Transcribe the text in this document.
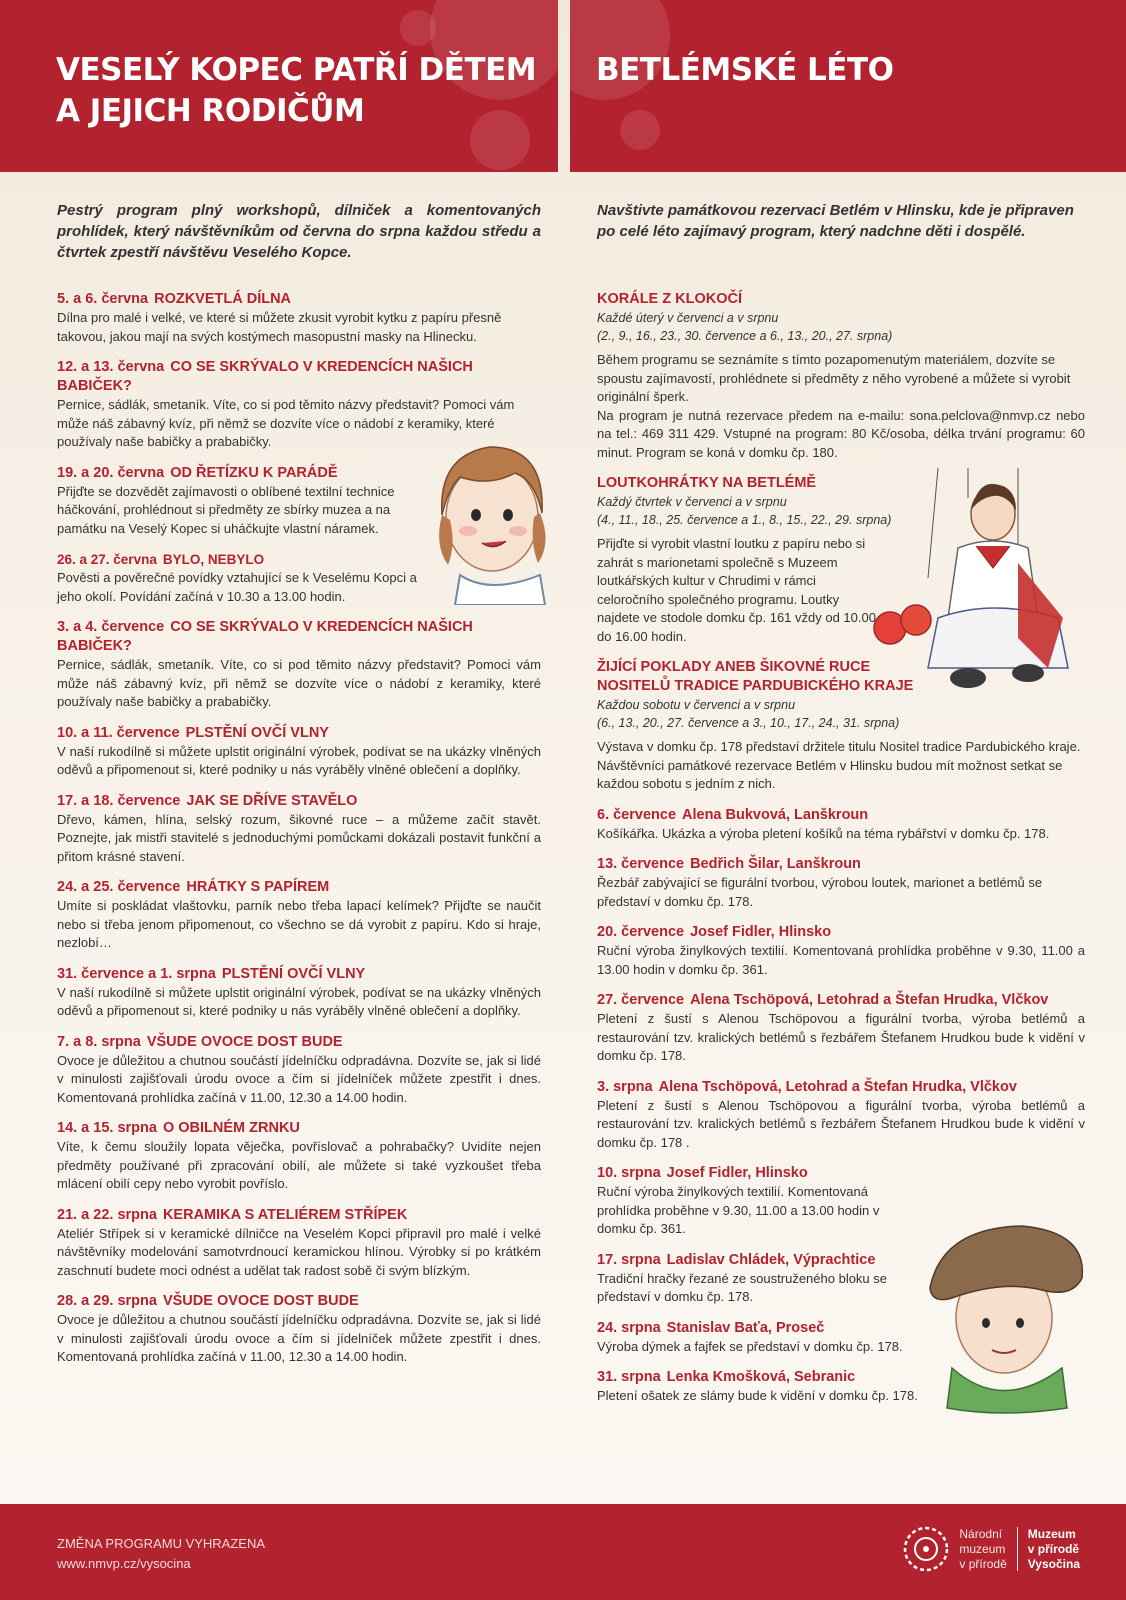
VESELÝ KOPEC PATŘÍ DĚTEM
A JEJICH RODIČŮM
BETLÉMSKÉ LÉTO
Pestrý program plný workshopů, dílniček a komentovaných prohlídek, který návštěvníkům od června do srpna každou středu a čtvrtek zpestří návštěvu Veselého Kopce.
Navštivte památkovou rezervaci Betlém v Hlinsku, kde je připraven po celé léto zajímavý program, který nadchne děti i dospělé.
5. a 6. června ROZKVETLÁ DÍLNA
Dílna pro malé i velké, ve které si můžete zkusit vyrobit kytku z papíru přesně takovou, jakou mají na svých kostýmech masopustní masky na Hlinecku.
12. a 13. června CO SE SKRÝVALO V KREDENCÍCH NAŠICH BABIČEK?
Pernice, sádlák, smetaník. Víte, co si pod těmito názvy představit? Pomoci vám může náš zábavný kvíz, při němž se dozvíte více o nádobí z keramiky, které používaly naše babičky a prababičky.
19. a 20. června OD ŘETÍZKU K PARÁDĚ
Přijďte se dozvědět zajímavosti o oblíbené textilní technice háčkování, prohlédnout si předměty ze sbírky muzea a na památku na Veselý Kopec si uháčkujte vlastní náramek.
26. a 27. června BYLO, NEBYLO
Pověsti a pověrečné povídky vztahující se k Veselému Kopci a jeho okolí. Povídání začíná v 10.30 a 13.00 hodin.
3. a 4. července CO SE SKRÝVALO V KREDENCÍCH NAŠICH BABIČEK?
Pernice, sádlák, smetaník. Víte, co si pod těmito názvy představit? Pomoci vám může náš zábavný kvíz, při němž se dozvíte více o nádobí z keramiky, které používaly naše babičky a prababičky.
10. a 11. července PLSTĚNÍ OVČÍ VLNY
V naší rukodílně si můžete uplstit originální výrobek, podívat se na ukázky vlněných oděvů a připomenout si, které podniky u nás vyráběly vlněné oblečení a doplňky.
17. a 18. července JAK SE DŘÍVE STAVĚLO
Dřevo, kámen, hlína, selský rozum, šikovné ruce – a můžeme začít stavět. Poznejte, jak mistři stavitelé s jednoduchými pomůckami dokázali postavit funkční a přitom krásné stavení.
24. a 25. července HRÁTKY S PAPÍREM
Umíte si poskládat vlaštovku, parník nebo třeba lapací kelímek? Přijďte se naučit nebo si třeba jenom připomenout, co všechno se dá vyrobit z papíru. Kdo si hraje, nezlobí…
31. července a 1. srpna PLSTĚNÍ OVČÍ VLNY
V naší rukodílně si můžete uplstit originální výrobek, podívat se na ukázky vlněných oděvů a připomenout si, které podniky u nás vyráběly vlněné oblečení a doplňky.
7. a 8. srpna VŠUDE OVOCE DOST BUDE
Ovoce je důležitou a chutnou součástí jídelníčku odpradávna. Dozvíte se, jak si lidé v minulosti zajišťovali úrodu ovoce a čím si jídelníček můžete zpestřit i dnes. Komentovaná prohlídka začíná v 11.00, 12.30 a 14.00 hodin.
14. a 15. srpna O OBILNÉM ZRNKU
Víte, k čemu sloužily lopata věječka, povříslovač a pohrabačky? Uvidíte nejen předměty používané při zpracování obilí, ale můžete si také vyzkoušet třeba mlácení obilí cepy nebo vyrobit povříslo.
21. a 22. srpna KERAMIKA S ATELIÉREM STŘÍPEK
Ateliér Střípek si v keramické dílničce na Veselém Kopci připravil pro malé i velké návštěvníky modelování samotvrdnoucí keramickou hlínou. Výrobky si po krátkém zaschnutí budete moci odnést a udělat tak radost sobě či svým blízkým.
28. a 29. srpna VŠUDE OVOCE DOST BUDE
Ovoce je důležitou a chutnou součástí jídelníčku odpradávna. Dozvíte se, jak si lidé v minulosti zajišťovali úrodu ovoce a čím si jídelníček můžete zpestřit i dnes. Komentovaná prohlídka začíná v 11.00, 12.30 a 14.00 hodin.
KORÁLE Z KLOKOČÍ
Každé úterý v červenci a v srpnu
(2., 9., 16., 23., 30. července a 6., 13., 20., 27. srpna)
Během programu se seznámíte s tímto pozapomenutým materiálem, dozvíte se spoustu zajímavostí, prohlédnete si předměty z něho vyrobené a můžete si vyrobit originální šperk.
Na program je nutná rezervace předem na e-mailu: sona.pelclova@nmvp.cz nebo na tel.: 469 311 429. Vstupné na program: 80 Kč/osoba, délka trvání programu: 60 minut. Program se koná v domku čp. 180.
LOUTKOHRÁTKY NA BETLÉMĚ
Každý čtvrtek v červenci a v srpnu
(4., 11., 18., 25. července a 1., 8., 15., 22., 29. srpna)
Přijďte si vyrobit vlastní loutku z papíru nebo si zahrát s marionetami společně s Muzeem loutkářských kultur v Chrudimi v rámci celoročního společného programu. Loutky najdete ve stodole domku čp. 161 vždy od 10.00 do 16.00 hodin.
ŽIJÍCÍ POKLADY ANEB ŠIKOVNÉ RUCE NOSITELŮ TRADICE PARDUBICKÉHO KRAJE
Každou sobotu v červenci a v srpnu
(6., 13., 20., 27. července a 3., 10., 17., 24., 31. srpna)
Výstava v domku čp. 178 představí držitele titulu Nositel tradice Pardubického kraje. Návštěvníci památkové rezervace Betlém v Hlinsku budou mít možnost setkat se každou sobotu s jedním z nich.
6. července Alena Bukvová, Lanškroun
Košíkářka. Ukázka a výroba pletení košíků na téma rybářství v domku čp. 178.
13. července Bedřich Šilar, Lanškroun
Řezbář zabývající se figurální tvorbou, výrobou loutek, marionet a betlémů se představí v domku čp. 178.
20. července Josef Fidler, Hlinsko
Ruční výroba žinylkových textilií. Komentovaná prohlídka proběhne v 9.30, 11.00 a 13.00 hodin v domku čp. 361.
27. července Alena Tschöpová, Letohrad a Štefan Hrudka, Vlčkov
Pletení z šustí s Alenou Tschöpovou a figurální tvorba, výroba betlémů a restaurování tzv. kralických betlémů s řezbářem Štefanem Hrudkou bude k vidění v domku čp. 178.
3. srpna Alena Tschöpová, Letohrad a Štefan Hrudka, Vlčkov
Pletení z šustí s Alenou Tschöpovou a figurální tvorba, výroba betlémů a restaurování tzv. kralických betlémů s řezbářem Štefanem Hrudkou bude k vidění v domku čp. 178 .
10. srpna Josef Fidler, Hlinsko
Ruční výroba žinylkových textilií. Komentovaná prohlídka proběhne v 9.30, 11.00 a 13.00 hodin v domku čp. 361.
17. srpna Ladislav Chládek, Výprachtice
Tradiční hračky řezané ze soustruženého bloku se představí v domku čp. 178.
24. srpna Stanislav Baťa, Proseč
Výroba dýmek a fajfek se představí v domku čp. 178.
31. srpna Lenka Kmošková, Sebranic
Pletení ošatek ze slámy bude k vidění v domku čp. 178.
ZMĚNA PROGRAMU VYHRAZENA
www.nmvp.cz/vysocina
Národní
muzeum
v přírodě
Muzeum
v přírodě
Vysočina
